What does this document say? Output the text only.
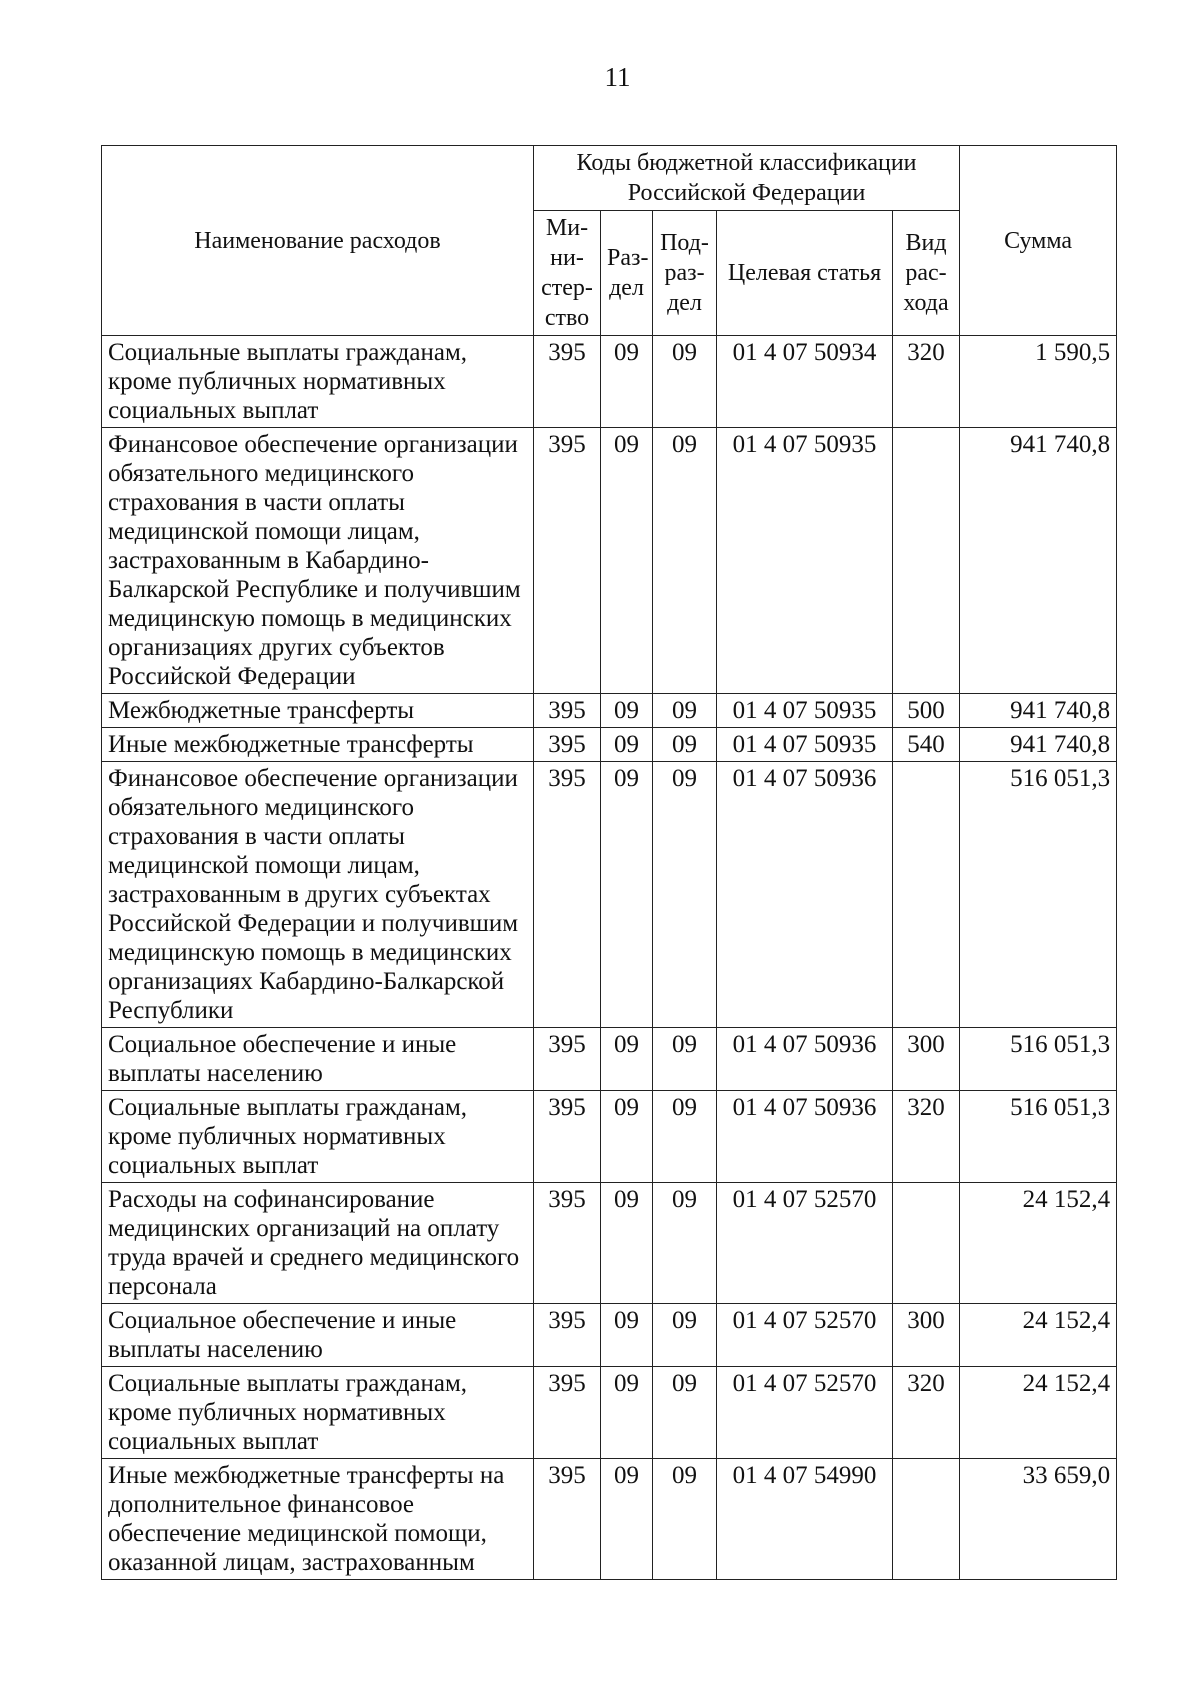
11
Наименование расходов	Коды бюджетной классификации Российской Федерации					Сумма
	Ми-ни-стер-ство	Раз-дел	Под-раз-дел	Целевая статья	Вид рас-хода	
Социальные выплаты гражданам, кроме публичных нормативных социальных выплат	395	09	09	01 4 07 50934	320	1 590,5
Финансовое обеспечение организации обязательного медицинского страхования в части оплаты медицинской помощи лицам, застрахованным в Кабардино-Балкарской Республике и получившим медицинскую помощь в медицинских организациях других субъектов Российской Федерации	395	09	09	01 4 07 50935		941 740,8
Межбюджетные трансферты	395	09	09	01 4 07 50935	500	941 740,8
Иные межбюджетные трансферты	395	09	09	01 4 07 50935	540	941 740,8
Финансовое обеспечение организации обязательного медицинского страхования в части оплаты медицинской помощи лицам, застрахованным в других субъектах Российской Федерации и получившим медицинскую помощь в медицинских организациях Кабардино-Балкарской Республики	395	09	09	01 4 07 50936		516 051,3
Социальное обеспечение и иные выплаты населению	395	09	09	01 4 07 50936	300	516 051,3
Социальные выплаты гражданам, кроме публичных нормативных социальных выплат	395	09	09	01 4 07 50936	320	516 051,3
Расходы на софинансирование медицинских организаций на оплату труда врачей и среднего медицинского персонала	395	09	09	01 4 07 52570		24 152,4
Социальное обеспечение и иные выплаты населению	395	09	09	01 4 07 52570	300	24 152,4
Социальные выплаты гражданам, кроме публичных нормативных социальных выплат	395	09	09	01 4 07 52570	320	24 152,4
Иные межбюджетные трансферты на дополнительное финансовое обеспечение медицинской помощи, оказанной лицам, застрахованным	395	09	09	01 4 07 54990		33 659,0
